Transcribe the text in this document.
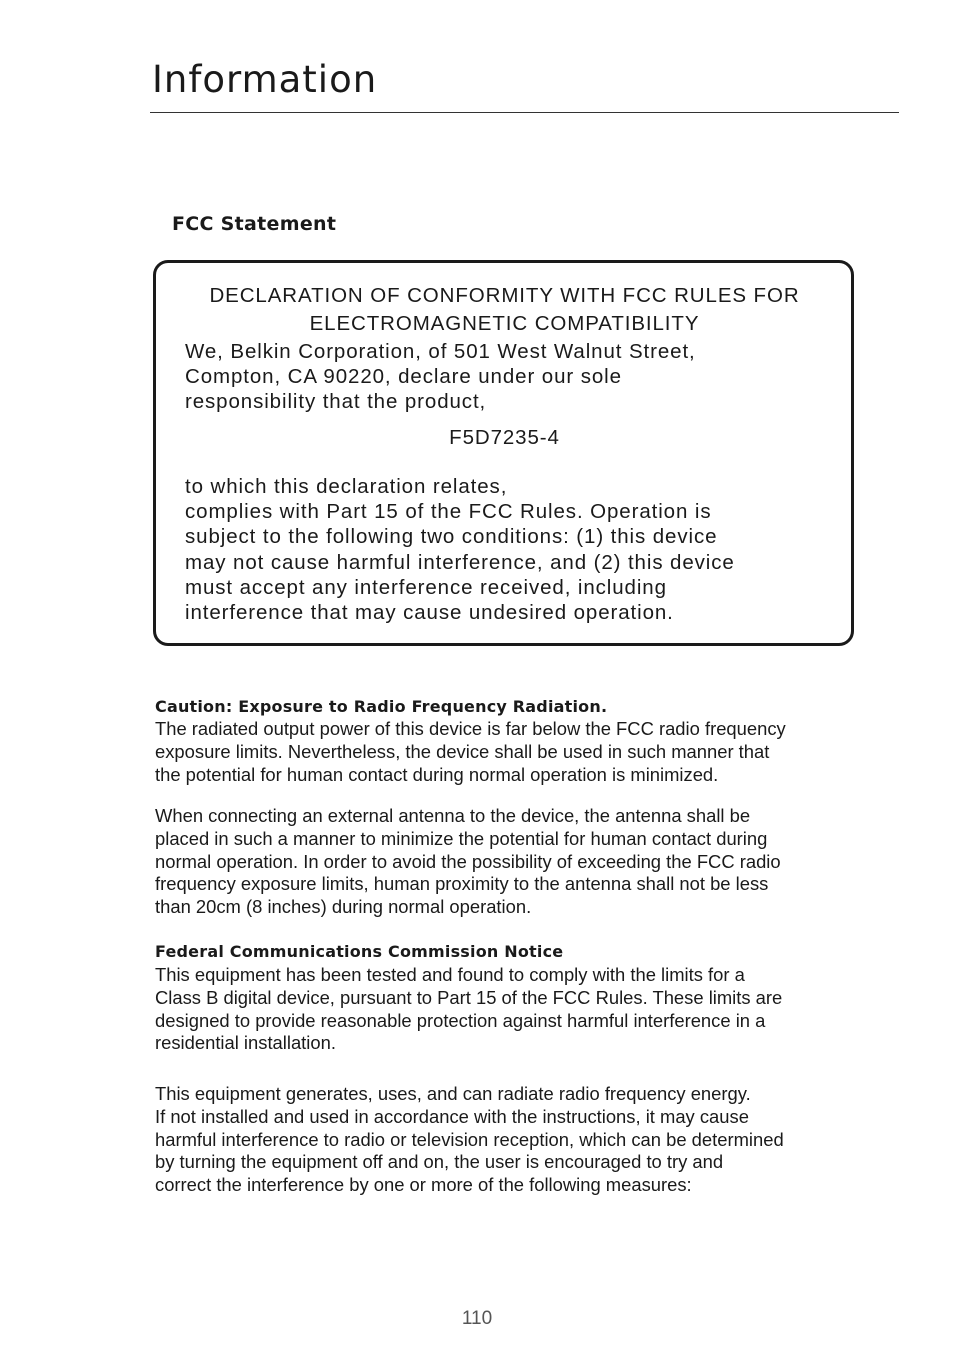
Information
FCC Statement
DECLARATION OF CONFORMITY WITH FCC RULES FOR
ELECTROMAGNETIC COMPATIBILITY
We, Belkin Corporation, of 501 West Walnut Street,
Compton, CA 90220, declare under our sole
responsibility that the product,
F5D7235-4
to which this declaration relates,
complies with Part 15 of the FCC Rules. Operation is
subject to the following two conditions: (1) this device
may not cause harmful interference, and (2) this device
must accept any interference received, including
interference that may cause undesired operation.
Caution: Exposure to Radio Frequency Radiation.
The radiated output power of this device is far below the FCC radio frequency
exposure limits. Nevertheless, the device shall be used in such manner that
the potential for human contact during normal operation is minimized.
When connecting an external antenna to the device, the antenna shall be
placed in such a manner to minimize the potential for human contact during
normal operation. In order to avoid the possibility of exceeding the FCC radio
frequency exposure limits, human proximity to the antenna shall not be less
than 20cm (8 inches) during normal operation.
Federal Communications Commission Notice
This equipment has been tested and found to comply with the limits for a
Class B digital device, pursuant to Part 15 of the FCC Rules. These limits are
designed to provide reasonable protection against harmful interference in a
residential installation.
This equipment generates, uses, and can radiate radio frequency energy.
If not installed and used in accordance with the instructions, it may cause
harmful interference to radio or television reception, which can be determined
by turning the equipment off and on, the user is encouraged to try and
correct the interference by one or more of the following measures:
110
